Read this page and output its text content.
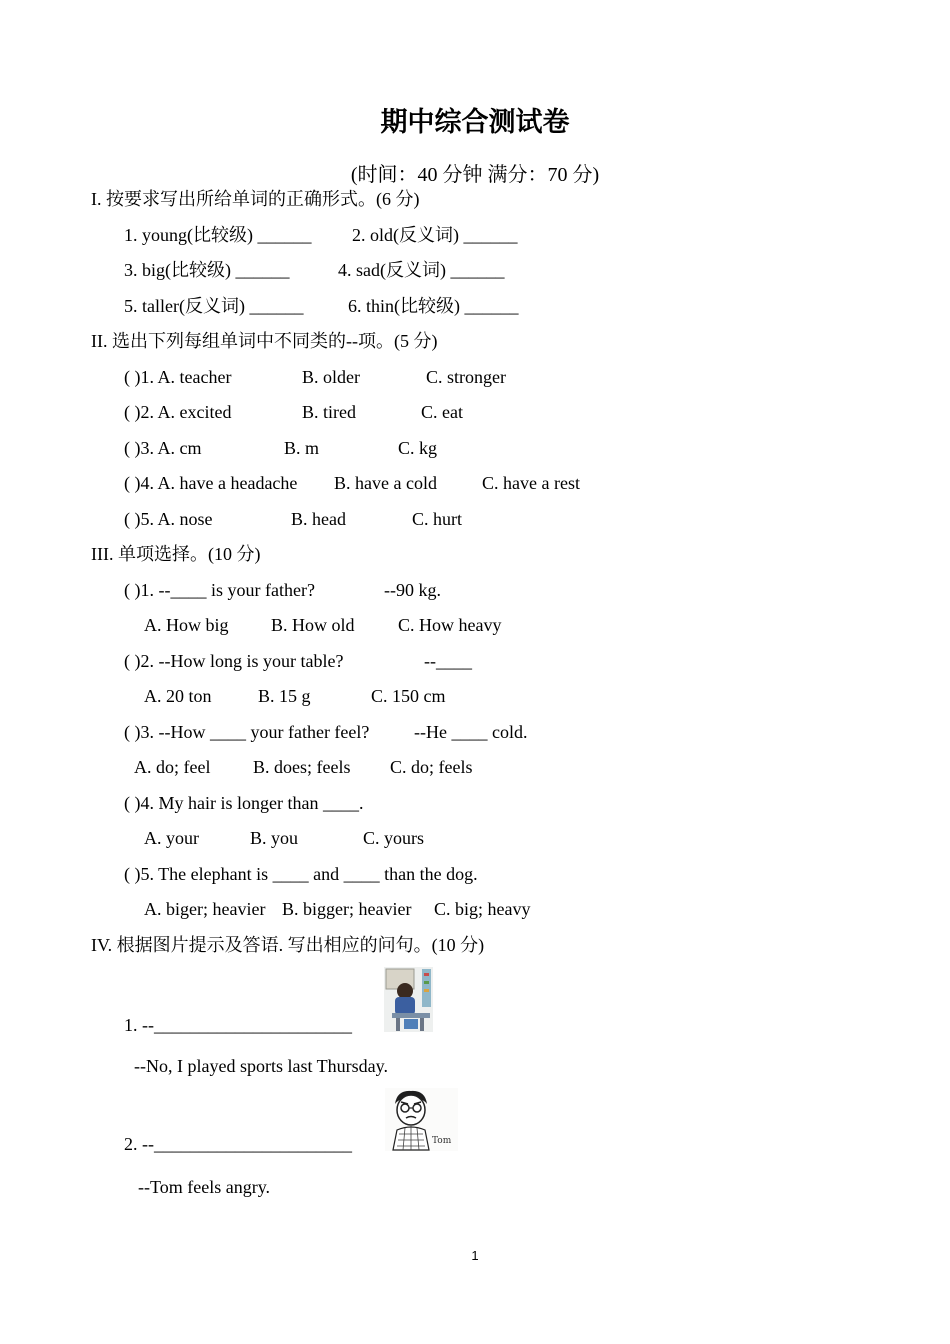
期中综合测试卷
(时间：40 分钟 满分：70 分)
I. 按要求写出所给单词的正确形式。(6 分)
1. young(比较级) ______ 2. old(反义词) ______
3. big(比较级) ______	4. sad(反义词) ______
5. taller(反义词) ______ 6. thin(比较级) ______
II. 选出下列每组单词中不同类的--项。(5 分)
( )1. A. teacher	B. older	C. stronger
( )2. A. excited	B. tired	C. eat
( )3. A. cm	B. m	C. kg
( )4. A. have a headache B. have a cold	C. have a rest
( )5. A. nose	B. head	C. hurt
III. 单项选择。(10 分)
( )1. --____ is your father?	--90 kg.
A. How big B. How old C. How heavy
( )2. --How long is your table?	--____
A. 20 ton	B. 15 g	C. 150 cm
( )3. --How ____ your father feel? --He ____ cold.
A. do; feel B. does; feels C. do; feels
( )4. My hair is longer than ____.
A. your	B. you	C. yours
( )5. The elephant is ____ and ____ than the dog.
A. biger; heavier B. bigger; heavier C. big; heavy
IV. 根据图片提示及答语. 写出相应的问句。(10 分)
1. --______________________
--No, I played sports last Thursday.
2. --______________________	Tom
--Tom feels angry.
1
